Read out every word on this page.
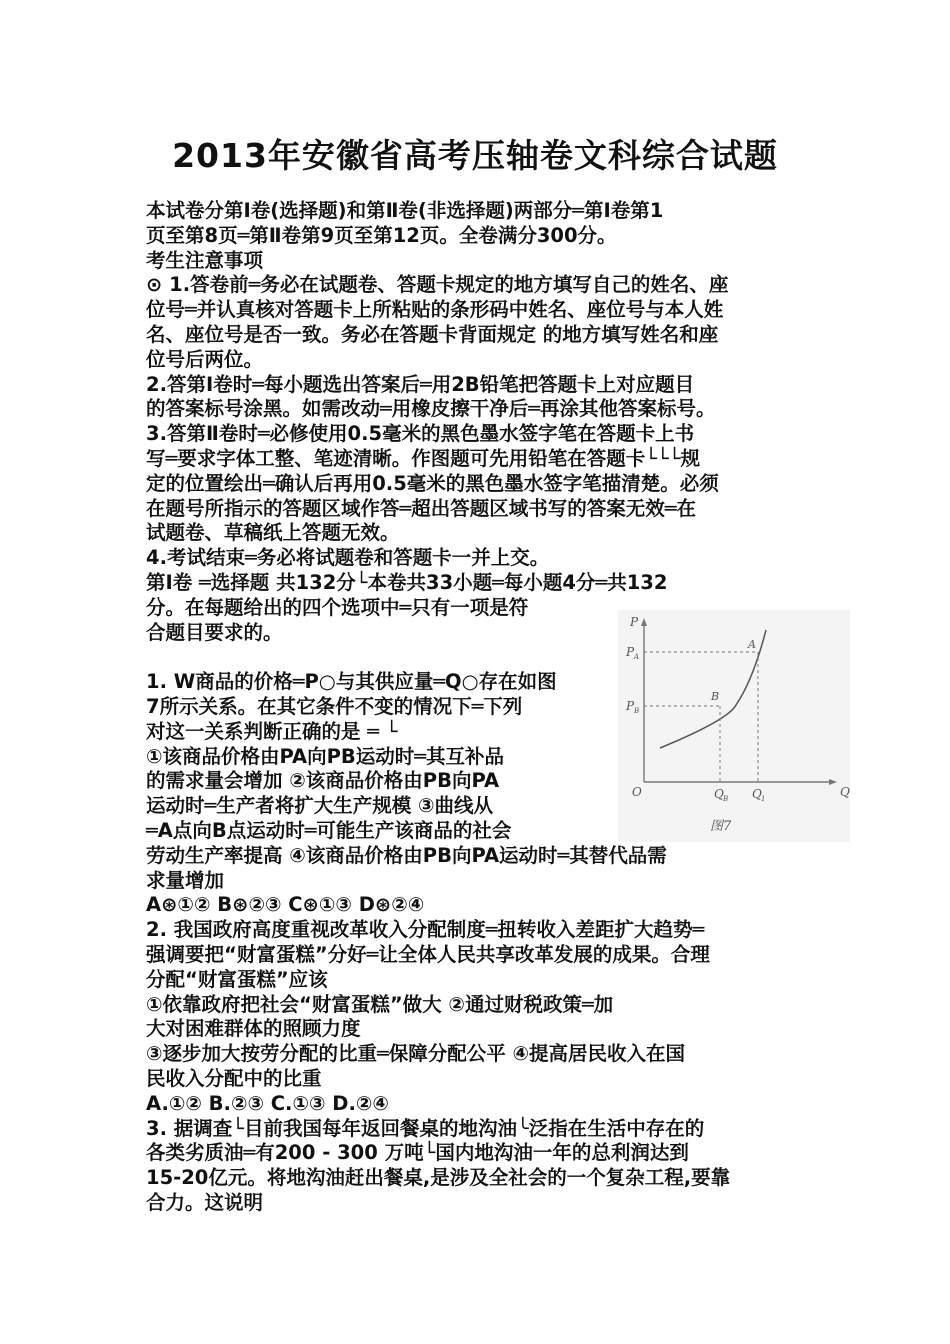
2013年安徽省高考压轴卷文科综合试题
本试卷分第Ⅰ卷(选择题)和第Ⅱ卷(非选择题)两部分═第Ⅰ卷第1
页至第8页═第Ⅱ卷第9页至第12页。全卷满分300分。
考生注意事项
⊙ 1.答卷前═务必在试题卷、答题卡规定的地方填写自己的姓名、座
位号═并认真核对答题卡上所粘贴的条形码中姓名、座位号与本人姓
名、座位号是否一致。务必在答题卡背面规定 的地方填写姓名和座
位号后两位。
2.答第Ⅰ卷时═每小题选出答案后═用2B铅笔把答题卡上对应题目
的答案标号涂黑。如需改动═用橡皮擦干净后═再涂其他答案标号。
3.答第Ⅱ卷时═必修使用0.5毫米的黑色墨水签字笔在答题卡上书
写═要求字体工整、笔迹清晰。作图题可先用铅笔在答题卡└└└规
定的位置绘出═确认后再用0.5毫米的黑色墨水签字笔描清楚。必须
在题号所指示的答题区域作答═超出答题区域书写的答案无效═在
试题卷、草稿纸上答题无效。
4.考试结束═务必将试题卷和答题卡一并上交。
第Ⅰ卷 ═选择题 共132分└本卷共33小题═每小题4分═共132
分。在每题给出的四个选项中═只有一项是符
合题目要求的。
1. W商品的价格═P○与其供应量═Q○存在如图
7所示关系。在其它条件不变的情况下═下列
对这一关系判断正确的是 ═ └
①该商品价格由PA向PB运动时═其互补品
的需求量会增加 ②该商品价格由PB向PA
运动时═生产者将扩大生产规模 ③曲线从
═A点向B点运动时═可能生产该商品的社会
劳动生产率提高 ④该商品价格由PB向PA运动时═其替代品需
求量增加
A⊛①② B⊛②③ C⊛①③ D⊛②④
2. 我国政府高度重视改革收入分配制度═扭转收入差距扩大趋势═
强调要把“财富蛋糕”分好═让全体人民共享改革发展的成果。合理
分配“财富蛋糕”应该
①依靠政府把社会“财富蛋糕”做大 ②通过财税政策═加
大对困难群体的照顾力度
③逐步加大按劳分配的比重═保障分配公平 ④提高居民收入在国
民收入分配中的比重
A.①② B.②③ C.①③ D.②④
3. 据调查└目前我国每年返回餐桌的地沟油╰泛指在生活中存在的
各类劣质油═有200 - 300 万吨└国内地沟油一年的总利润达到
15-20亿元。将地沟油赶出餐桌,是涉及全社会的一个复杂工程,要靠
合力。这说明
P
Q
O
P A
P B
Q B Q 1
A
B
图7
